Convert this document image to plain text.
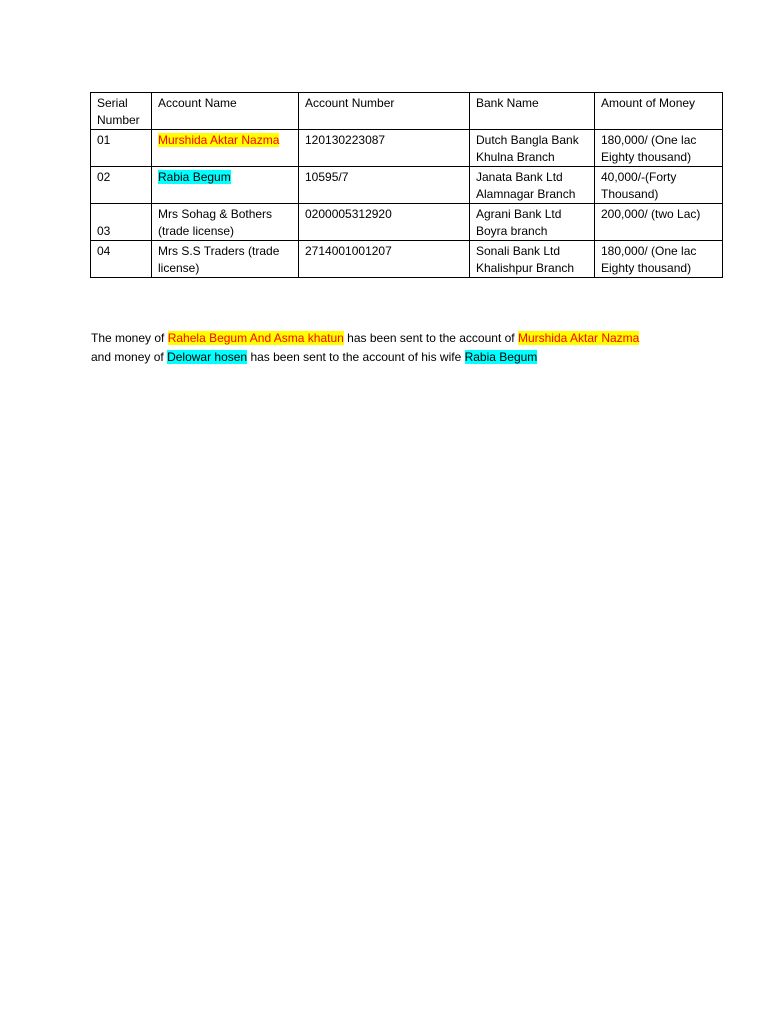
Serial Number	Account Name	Account Number	Bank Name	Amount of Money
01	Murshida Aktar Nazma	120130223087	Dutch Bangla Bank Khulna Branch	180,000/ (One lac Eighty thousand)
02	Rabia Begum	10595/7	Janata Bank Ltd Alamnagar Branch	40,000/-(Forty Thousand)
03	Mrs Sohag & Bothers (trade license)	0200005312920	Agrani Bank Ltd Boyra branch	200,000/ (two Lac)
04	Mrs S.S Traders (trade license)	2714001001207	Sonali Bank Ltd Khalishpur Branch	180,000/ (One lac Eighty thousand)
The money of Rahela Begum And Asma khatun has been sent to the account of Murshida Aktar Nazma
and money of Delowar hosen has been sent to the account of his wife Rabia Begum
